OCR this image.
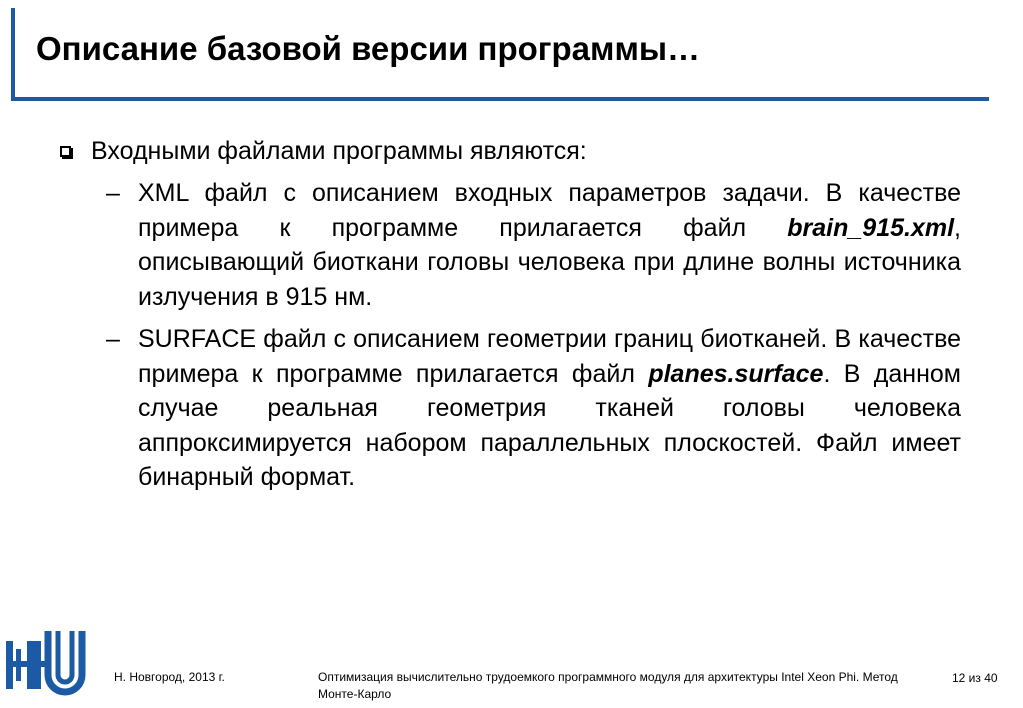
Описание базовой версии программы…
Входными файлами программы являются:
– XML файл с описанием входных параметров задачи. В качестве примера к программе прилагается файл brain_915.xml, описывающий биоткани головы человека при длине волны источника излучения в 915 нм.

– SURFACE файл с описанием геометрии границ биотканей. В качестве примера к программе прилагается файл planes.surface. В данном случае реальная геометрия тканей головы человека аппроксимируется набором параллельных плоскостей. Файл имеет бинарный формат.

Н. Новгород, 2013 г.	Оптимизация вычислительно трудоемкого программного модуля для архитектуры Intel Xeon Phi. Метод Монте-Карло
12 из 40
